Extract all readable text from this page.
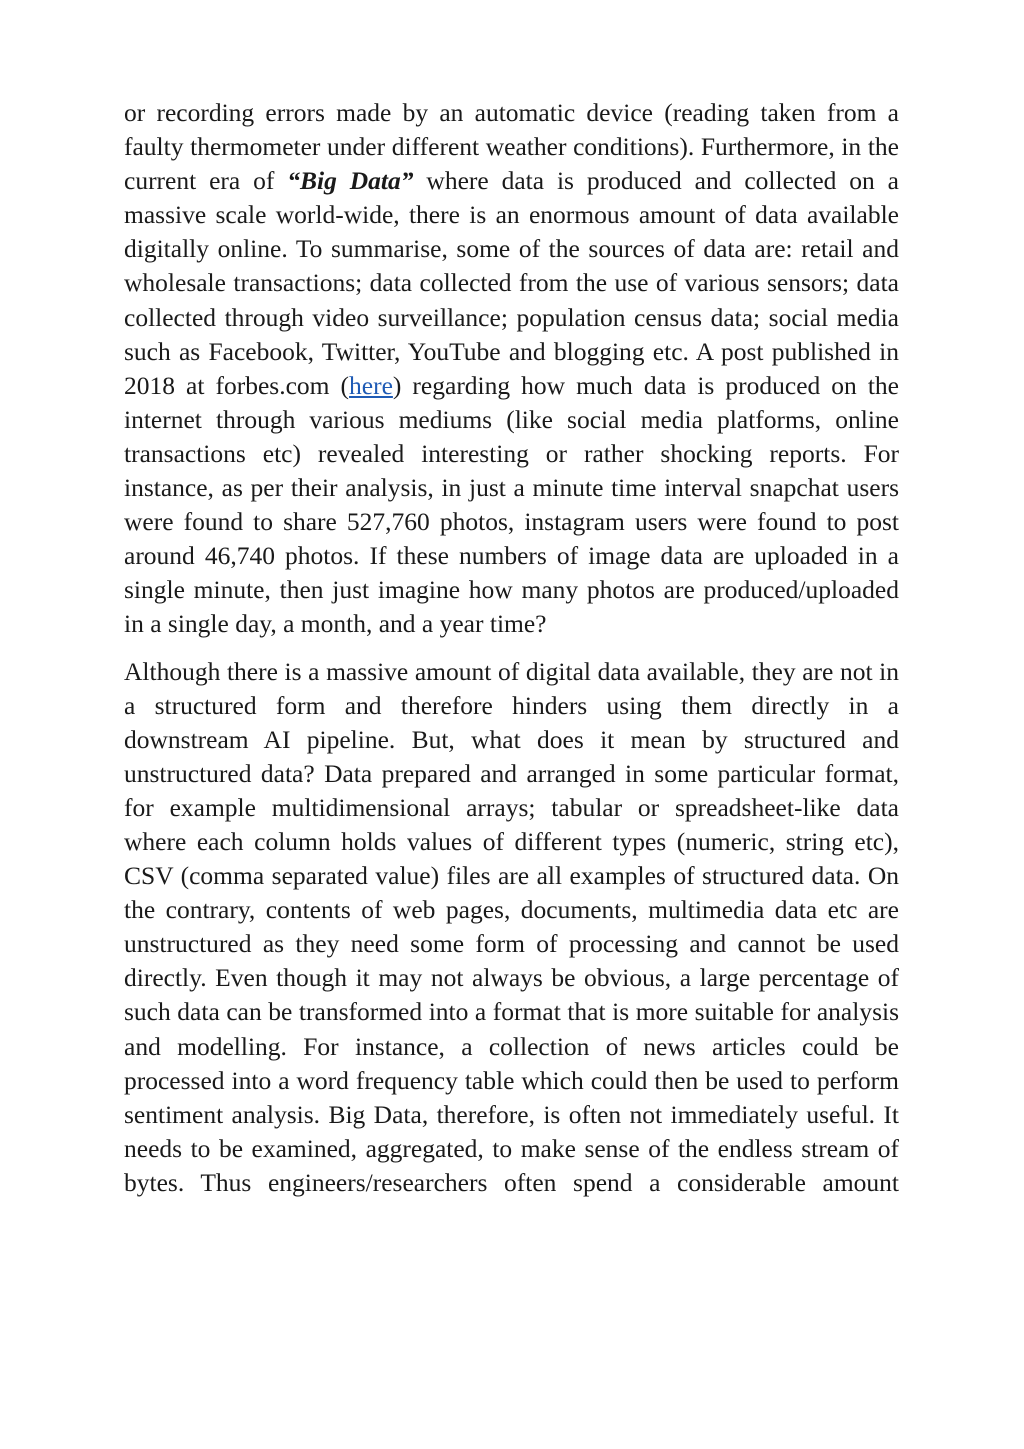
or recording errors made by an automatic device (reading taken from a faulty thermometer under different weather conditions). Furthermore, in the current era of “Big Data” where data is produced and collected on a massive scale world-wide, there is an enormous amount of data available digitally online. To summarise, some of the sources of data are: retail and wholesale transactions; data collected from the use of various sensors; data collected through video surveillance; population census data; social media such as Facebook, Twitter, YouTube and blogging etc. A post published in 2018 at forbes.com (here) regarding how much data is produced on the internet through various mediums (like social media platforms, online transactions etc) revealed interesting or rather shocking reports. For instance, as per their analysis, in just a minute time interval snapchat users were found to share 527,760 photos, instagram users were found to post around 46,740 photos. If these numbers of image data are uploaded in a single minute, then just imagine how many photos are produced/uploaded in a single day, a month, and a year time?

Although there is a massive amount of digital data available, they are not in a structured form and therefore hinders using them directly in a downstream AI pipeline. But, what does it mean by structured and unstructured data? Data prepared and arranged in some particular format, for example multidimensional arrays; tabular or spreadsheet-like data where each column holds values of different types (numeric, string etc), CSV (comma separated value) files are all examples of structured data. On the contrary, contents of web pages, documents, multimedia data etc are unstructured as they need some form of processing and cannot be used directly. Even though it may not always be obvious, a large percentage of such data can be transformed into a format that is more suitable for analysis and modelling. For instance, a collection of news articles could be processed into a word frequency table which could then be used to perform sentiment analysis. Big Data, therefore, is often not immediately useful. It needs to be examined, aggregated, to make sense of the endless stream of bytes. Thus engineers/researchers often spend a considerable amount
